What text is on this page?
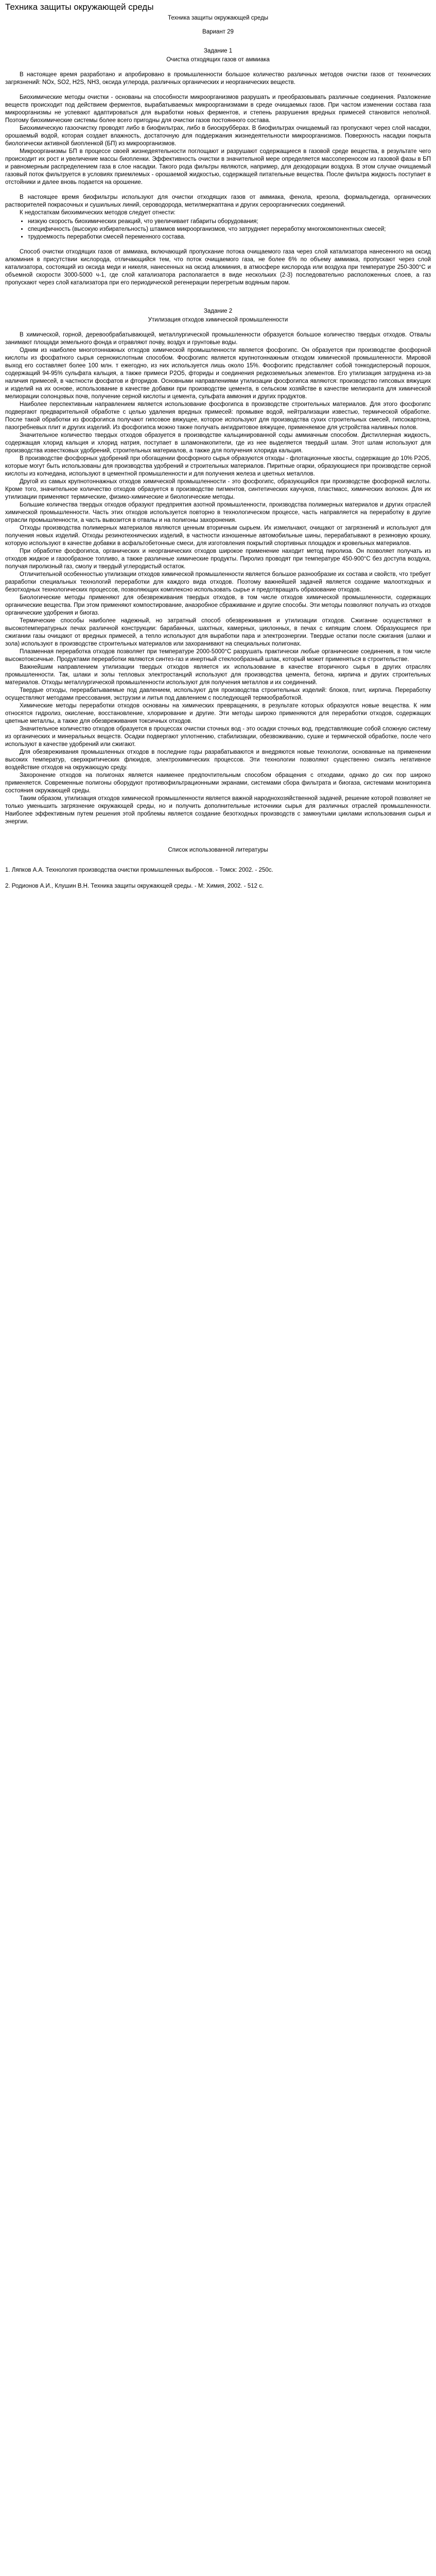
Техника защиты окружающей среды
Техника защиты окружающей среды
Вариант 29
Задание 1
Очистка отходящих газов от аммиака

В настоящее время разработано и апробировано в промышленности большое количество различных методов очистки газов от технических загрязнений: NOx, SO2, H2S, NH3, оксида углерода, различных органических и неорганических веществ.

Биохимические методы очистки - основаны на способности микроорганизмов разрушать и преобразовывать различные соединения. Разложение веществ происходит под действием ферментов, вырабатываемых микроорганизмами в среде очищаемых газов. При частом изменении состава газа микроорганизмы не успевают адаптироваться для выработки новых ферментов, и степень разрушения вредных примесей становится неполной. Поэтому биохимические системы более всего пригодны для очистки газов постоянного состава.

Биохимическую газоочистку проводят либо в биофильтрах, либо в биоскрубберах. В биофильтрах очищаемый газ пропускают через слой насадки, орошаемый водой, которая создает влажность, достаточную для поддержания жизнедеятельности микроорганизмов. Поверхность насадки покрыта биологически активной биопленкой (БП) из микроорганизмов.

Микроорганизмы БП в процессе своей жизнедеятельности поглощают и разрушают содержащиеся в газовой среде вещества, в результате чего происходит их рост и увеличение массы биопленки. Эффективность очистки в значительной мере определяется массопереносом из газовой фазы в БП и равномерным распределением газа в слое насадки. Такого рода фильтры являются, например, для дезодорации воздуха. В этом случае очищаемый газовый поток фильтруется в условиях приемлемых - орошаемой жидкостью, содержащей питательные вещества. После фильтра жидкость поступает в отстойники и далее вновь подается на орошение.

В настоящее время биофильтры используют для очистки отходящих газов от аммиака, фенола, крезола, формальдегида, органических растворителей покрасочных и сушильных линий, сероводорода, метилмеркаптана и других сероорганических соединений.

К недостаткам биохимических методов следует отнести:

• низкую скорость биохимических реакций, что увеличивает габариты оборудования;
• специфичность (высокую избирательность) штаммов микроорганизмов, что затрудняет переработку многокомпонентных смесей;
• трудоемкость переработки смесей переменного состава.

Способ очистки отходящих газов от аммиака, включающий пропускание потока очищаемого газа через слой катализатора нанесенного на оксид алюминия в присутствии кислорода, отличающийся тем, что поток очищаемого газа, не более 6% по объему аммиака, пропускают через слой катализатора, состоящий из оксида меди и никеля, нанесенных на оксид алюминия, в атмосфере кислорода или воздуха при температуре 250-300°С и объемной скорости 3000-5000 ч-1, где слой катализатора располагается в виде нескольких (2-3) последовательно расположенных слоев, а газ пропускают через слой катализатора при его периодической регенерации перегретым водяным паром.

Задание 2
Утилизация отходов химической промышленности

В химической, горной, деревообрабатывающей, металлургической промышленности образуется большое количество твердых отходов. Отвалы занимают площади земельного фонда и отравляют почву, воздух и грунтовые воды.

Одним из наиболее многотоннажных отходов химической промышленности является фосфогипс. Он образуется при производстве фосфорной кислоты из фосфатного сырья сернокислотным способом. Фосфогипс является крупнотоннажным отходом химической промышленности. Мировой выход его составляет более 100 млн. т ежегодно, из них используется лишь около 15%. Фосфогипс представляет собой тонкодисперсный порошок, содержащий 94-95% сульфата кальция, а также примеси P2O5, фториды и соединения редкоземельных элементов. Его утилизация затруднена из-за наличия примесей, в частности фосфатов и фторидов. Основными направлениями утилизации фосфогипса являются: производство гипсовых вяжущих и изделий на их основе, использование в качестве добавки при производстве цемента, в сельском хозяйстве в качестве мелиоранта для химической мелиорации солонцовых почв, получение серной кислоты и цемента, сульфата аммония и других продуктов.

Наиболее перспективным направлением является использование фосфогипса в производстве строительных материалов. Для этого фосфогипс подвергают предварительной обработке с целью удаления вредных примесей: промывке водой, нейтрализации известью, термической обработке. После такой обработки из фосфогипса получают гипсовое вяжущее, которое используют для производства сухих строительных смесей, гипсокартона, пазогребневых плит и других изделий. Из фосфогипса можно также получать ангидритовое вяжущее, применяемое для устройства наливных полов.

Значительное количество твердых отходов образуется в производстве кальцинированной соды аммиачным способом. Дистиллерная жидкость, содержащая хлорид кальция и хлорид натрия, поступает в шламонакопители, где из нее выделяется твердый шлам. Этот шлам используют для производства известковых удобрений, строительных материалов, а также для получения хлорида кальция.

В производстве фосфорных удобрений при обогащении фосфорного сырья образуются отходы - флотационные хвосты, содержащие до 10% P2O5, которые могут быть использованы для производства удобрений и строительных материалов. Пиритные огарки, образующиеся при производстве серной кислоты из колчедана, используют в цементной промышленности и для получения железа и цветных металлов.

Другой из самых крупнотоннажных отходов химической промышленности - это фосфогипс, образующийся при производстве фосфорной кислоты. Кроме того, значительное количество отходов образуется в производстве пигментов, синтетических каучуков, пластмасс, химических волокон. Для их утилизации применяют термические, физико-химические и биологические методы.

Большие количества твердых отходов образуют предприятия азотной промышленности, производства полимерных материалов и других отраслей химической промышленности. Часть этих отходов используется повторно в технологическом процессе, часть направляется на переработку в другие отрасли промышленности, а часть вывозится в отвалы и на полигоны захоронения.

Отходы производства полимерных материалов являются ценным вторичным сырьем. Их измельчают, очищают от загрязнений и используют для получения новых изделий. Отходы резинотехнических изделий, в частности изношенные автомобильные шины, перерабатывают в резиновую крошку, которую используют в качестве добавки в асфальтобетонные смеси, для изготовления покрытий спортивных площадок и кровельных материалов.

При обработке фосфогипса, органических и неорганических отходов широкое применение находит метод пиролиза. Он позволяет получать из отходов жидкое и газообразное топливо, а также различные химические продукты. Пиролиз проводят при температуре 450-900°С без доступа воздуха, получая пиролизный газ, смолу и твердый углеродистый остаток.

Отличительной особенностью утилизации отходов химической промышленности является большое разнообразие их состава и свойств, что требует разработки специальных технологий переработки для каждого вида отходов. Поэтому важнейшей задачей является создание малоотходных и безотходных технологических процессов, позволяющих комплексно использовать сырье и предотвращать образование отходов.

Биологические методы применяют для обезвреживания твердых отходов, в том числе отходов химической промышленности, содержащих органические вещества. При этом применяют компостирование, анаэробное сбраживание и другие способы. Эти методы позволяют получать из отходов органические удобрения и биогаз.

Термические способы наиболее надежный, но затратный способ обезвреживания и утилизации отходов. Сжигание осуществляют в высокотемпературных печах различной конструкции: барабанных, шахтных, камерных, циклонных, в печах с кипящим слоем. Образующиеся при сжигании газы очищают от вредных примесей, а тепло используют для выработки пара и электроэнергии. Твердые остатки после сжигания (шлаки и зола) используют в производстве строительных материалов или захоранивают на специальных полигонах.

Плазменная переработка отходов позволяет при температуре 2000-5000°С разрушать практически любые органические соединения, в том числе высокотоксичные. Продуктами переработки являются синтез-газ и инертный стеклообразный шлак, который может применяться в строительстве.

Важнейшим направлением утилизации твердых отходов является их использование в качестве вторичного сырья в других отраслях промышленности. Так, шлаки и золы тепловых электростанций используют для производства цемента, бетона, кирпича и других строительных материалов. Отходы металлургической промышленности используют для получения металлов и их соединений.

Твердые отходы, перерабатываемые под давлением, используют для производства строительных изделий: блоков, плит, кирпича. Переработку осуществляют методами прессования, экструзии и литья под давлением с последующей термообработкой.

Химические методы переработки отходов основаны на химических превращениях, в результате которых образуются новые вещества. К ним относятся гидролиз, окисление, восстановление, хлорирование и другие. Эти методы широко применяются для переработки отходов, содержащих цветные металлы, а также для обезвреживания токсичных отходов.

Значительное количество отходов образуется в процессах очистки сточных вод - это осадки сточных вод, представляющие собой сложную систему из органических и минеральных веществ. Осадки подвергают уплотнению, стабилизации, обезвоживанию, сушке и термической обработке, после чего используют в качестве удобрений или сжигают.

Для обезвреживания промышленных отходов в последние годы разрабатываются и внедряются новые технологии, основанные на применении высоких температур, сверхкритических флюидов, электрохимических процессов. Эти технологии позволяют существенно снизить негативное воздействие отходов на окружающую среду.

Захоронение отходов на полигонах является наименее предпочтительным способом обращения с отходами, однако до сих пор широко применяется. Современные полигоны оборудуют противофильтрационными экранами, системами сбора фильтрата и биогаза, системами мониторинга состояния окружающей среды.

Таким образом, утилизация отходов химической промышленности является важной народнохозяйственной задачей, решение которой позволяет не только уменьшить загрязнение окружающей среды, но и получить дополнительные источники сырья для различных отраслей промышленности. Наиболее эффективным путем решения этой проблемы является создание безотходных производств с замкнутыми циклами использования сырья и энергии.

Список использованной литературы

1. Ляпков А.А. Технология производства очистки промышленных выбросов. - Томск: 2002. - 250с.

2. Родионов А.И., Клушин В.Н. Техника защиты окружающей среды. - М: Химия, 2002. - 512 с.
